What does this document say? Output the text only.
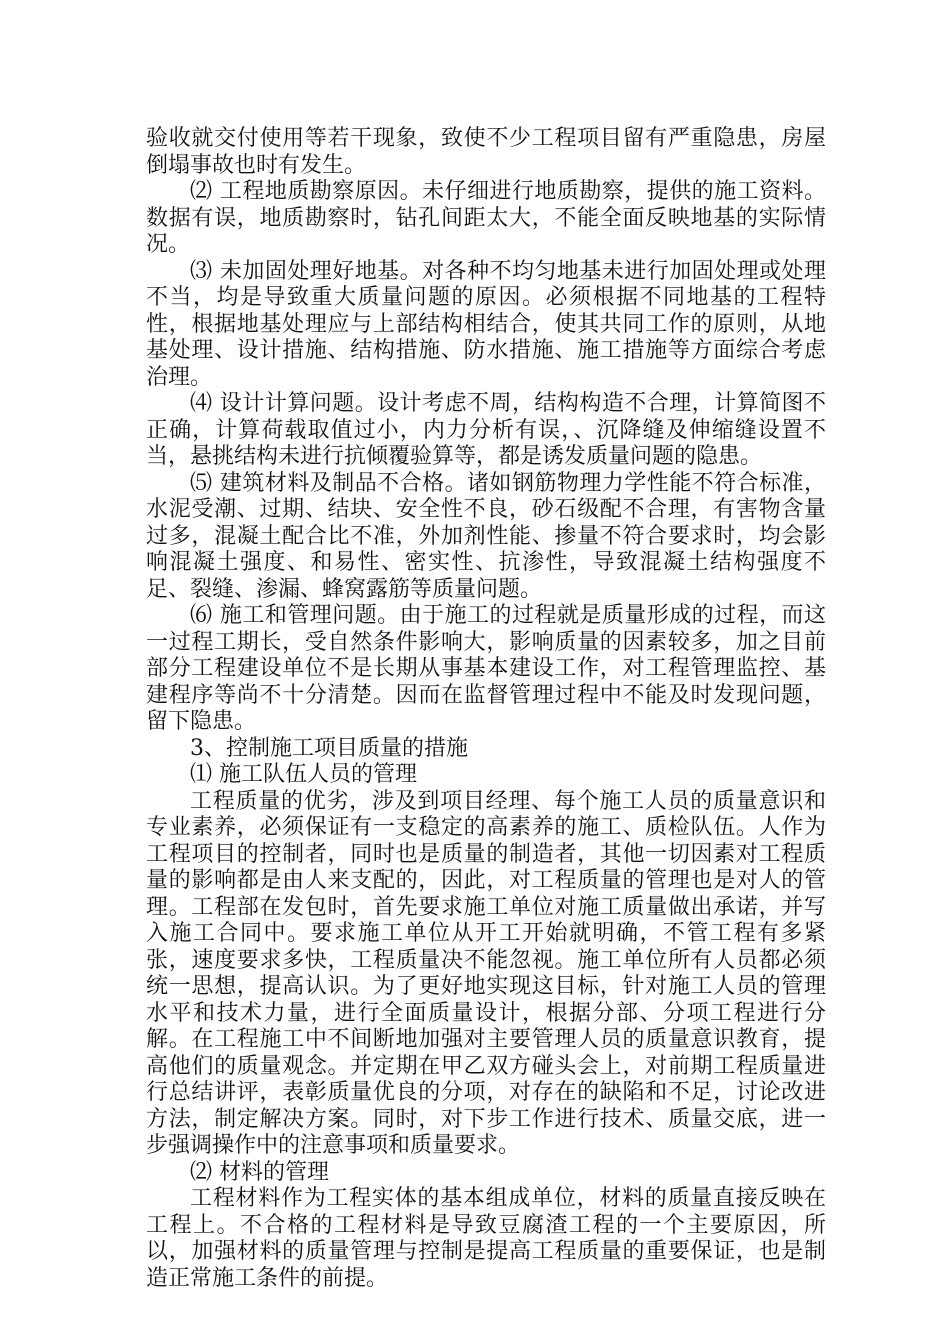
验收就交付使用等若干现象，致使不少工程项目留有严重隐患，房屋倒塌事故也时有发生。

⑵ 工程地质勘察原因。未仔细进行地质勘察，提供的施工资料。数据有误，地质勘察时，钻孔间距太大，不能全面反映地基的实际情况。

⑶ 未加固处理好地基。对各种不均匀地基未进行加固处理或处理不当，均是导致重大质量问题的原因。必须根据不同地基的工程特性，根据地基处理应与上部结构相结合，使其共同工作的原则，从地基处理、设计措施、结构措施、防水措施、施工措施等方面综合考虑治理。

⑷ 设计计算问题。设计考虑不周，结构构造不合理，计算简图不正确，计算荷载取值过小，内力分析有误，、沉降缝及伸缩缝设置不当，悬挑结构未进行抗倾覆验算等，都是诱发质量问题的隐患。

⑸ 建筑材料及制品不合格。诸如钢筋物理力学性能不符合标准，水泥受潮、过期、结块、安全性不良，砂石级配不合理，有害物含量过多，混凝土配合比不准，外加剂性能、掺量不符合要求时，均会影响混凝土强度、和易性、密实性、抗渗性，导致混凝土结构强度不足、裂缝、渗漏、蜂窝露筋等质量问题。

⑹ 施工和管理问题。由于施工的过程就是质量形成的过程，而这一过程工期长，受自然条件影响大，影响质量的因素较多，加之目前部分工程建设单位不是长期从事基本建设工作，对工程管理监控、基建程序等尚不十分清楚。因而在监督管理过程中不能及时发现问题，留下隐患。

3、控制施工项目质量的措施

⑴ 施工队伍人员的管理

工程质量的优劣，涉及到项目经理、每个施工人员的质量意识和专业素养，必须保证有一支稳定的高素养的施工、质检队伍。人作为工程项目的控制者，同时也是质量的制造者，其他一切因素对工程质量的影响都是由人来支配的，因此，对工程质量的管理也是对人的管理。工程部在发包时，首先要求施工单位对施工质量做出承诺，并写入施工合同中。要求施工单位从开工开始就明确，不管工程有多紧张，速度要求多快，工程质量决不能忽视。施工单位所有人员都必须统一思想，提高认识。为了更好地实现这目标，针对施工人员的管理水平和技术力量，进行全面质量设计，根据分部、分项工程进行分解。在工程施工中不间断地加强对主要管理人员的质量意识教育，提高他们的质量观念。并定期在甲乙双方碰头会上，对前期工程质量进行总结讲评，表彰质量优良的分项，对存在的缺陷和不足，讨论改进方法，制定解决方案。同时，对下步工作进行技术、质量交底，进一步强调操作中的注意事项和质量要求。

⑵ 材料的管理

工程材料作为工程实体的基本组成单位，材料的质量直接反映在工程上。不合格的工程材料是导致豆腐渣工程的一个主要原因，所以，加强材料的质量管理与控制是提高工程质量的重要保证，也是制造正常施工条件的前提。
